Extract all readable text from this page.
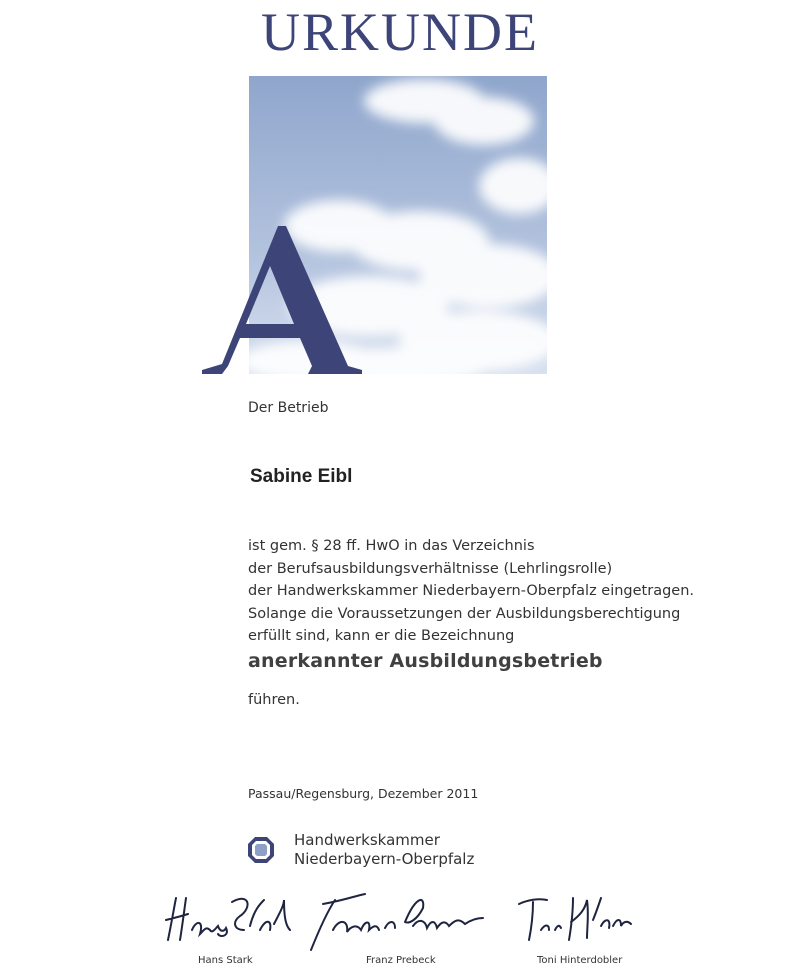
URKUNDE
Der Betrieb
Sabine Eibl
ist gem. § 28 ff. HwO in das Verzeichnis
der Berufsausbildungsverhältnisse (Lehrlingsrolle)
der Handwerkskammer Niederbayern-Oberpfalz eingetragen.
Solange die Voraussetzungen der Ausbildungsberechtigung
erfüllt sind, kann er die Bezeichnung
anerkannter Ausbildungsbetrieb
führen.
Passau/Regensburg, Dezember 2011
Handwerkskammer
Niederbayern-Oberpfalz
Hans Stark	Franz Prebeck	Toni Hinterdobler
